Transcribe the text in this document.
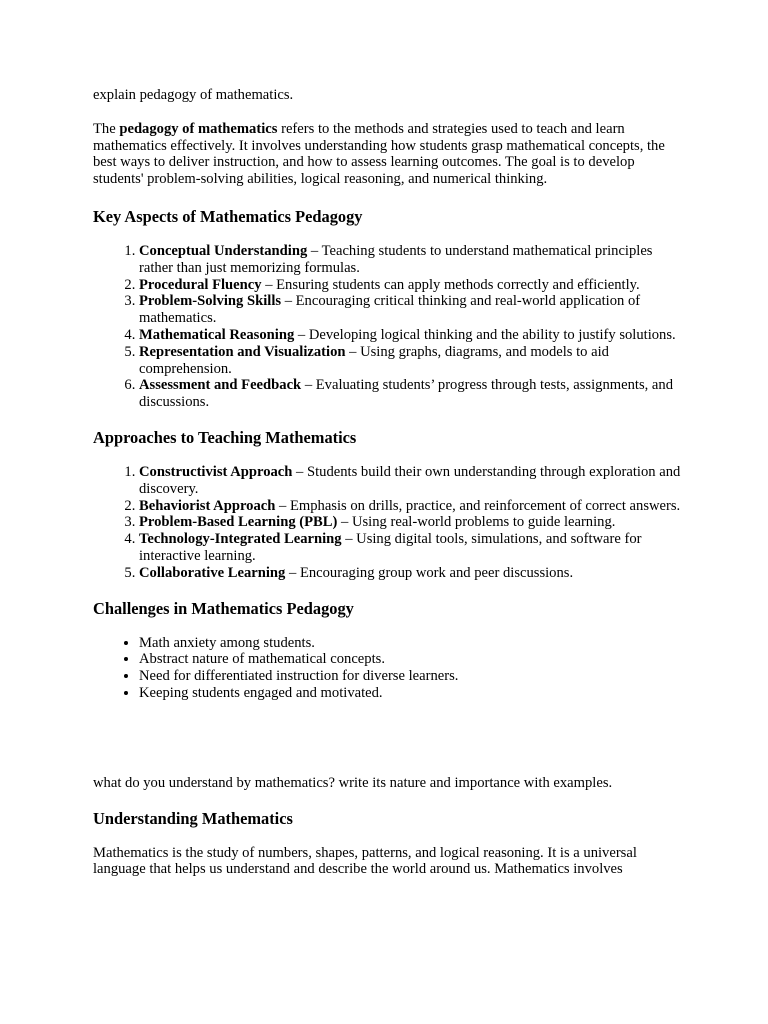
explain pedagogy of mathematics.

The pedagogy of mathematics refers to the methods and strategies used to teach and learn mathematics effectively. It involves understanding how students grasp mathematical concepts, the best ways to deliver instruction, and how to assess learning outcomes. The goal is to develop students' problem-solving abilities, logical reasoning, and numerical thinking.

Key Aspects of Mathematics Pedagogy
1. Conceptual Understanding – Teaching students to understand mathematical principles rather than just memorizing formulas.
2. Procedural Fluency – Ensuring students can apply methods correctly and efficiently.
3. Problem-Solving Skills – Encouraging critical thinking and real-world application of mathematics.
4. Mathematical Reasoning – Developing logical thinking and the ability to justify solutions.
5. Representation and Visualization – Using graphs, diagrams, and models to aid comprehension.
6. Assessment and Feedback – Evaluating students’ progress through tests, assignments, and discussions.
Approaches to Teaching Mathematics
1. Constructivist Approach – Students build their own understanding through exploration and discovery.
2. Behaviorist Approach – Emphasis on drills, practice, and reinforcement of correct answers.
3. Problem-Based Learning (PBL) – Using real-world problems to guide learning.
4. Technology-Integrated Learning – Using digital tools, simulations, and software for interactive learning.
5. Collaborative Learning – Encouraging group work and peer discussions.
Challenges in Mathematics Pedagogy
• Math anxiety among students.
• Abstract nature of mathematical concepts.
• Need for differentiated instruction for diverse learners.
• Keeping students engaged and motivated.

what do you understand by mathematics? write its nature and importance with examples.

Understanding Mathematics

Mathematics is the study of numbers, shapes, patterns, and logical reasoning. It is a universal language that helps us understand and describe the world around us. Mathematics involves
